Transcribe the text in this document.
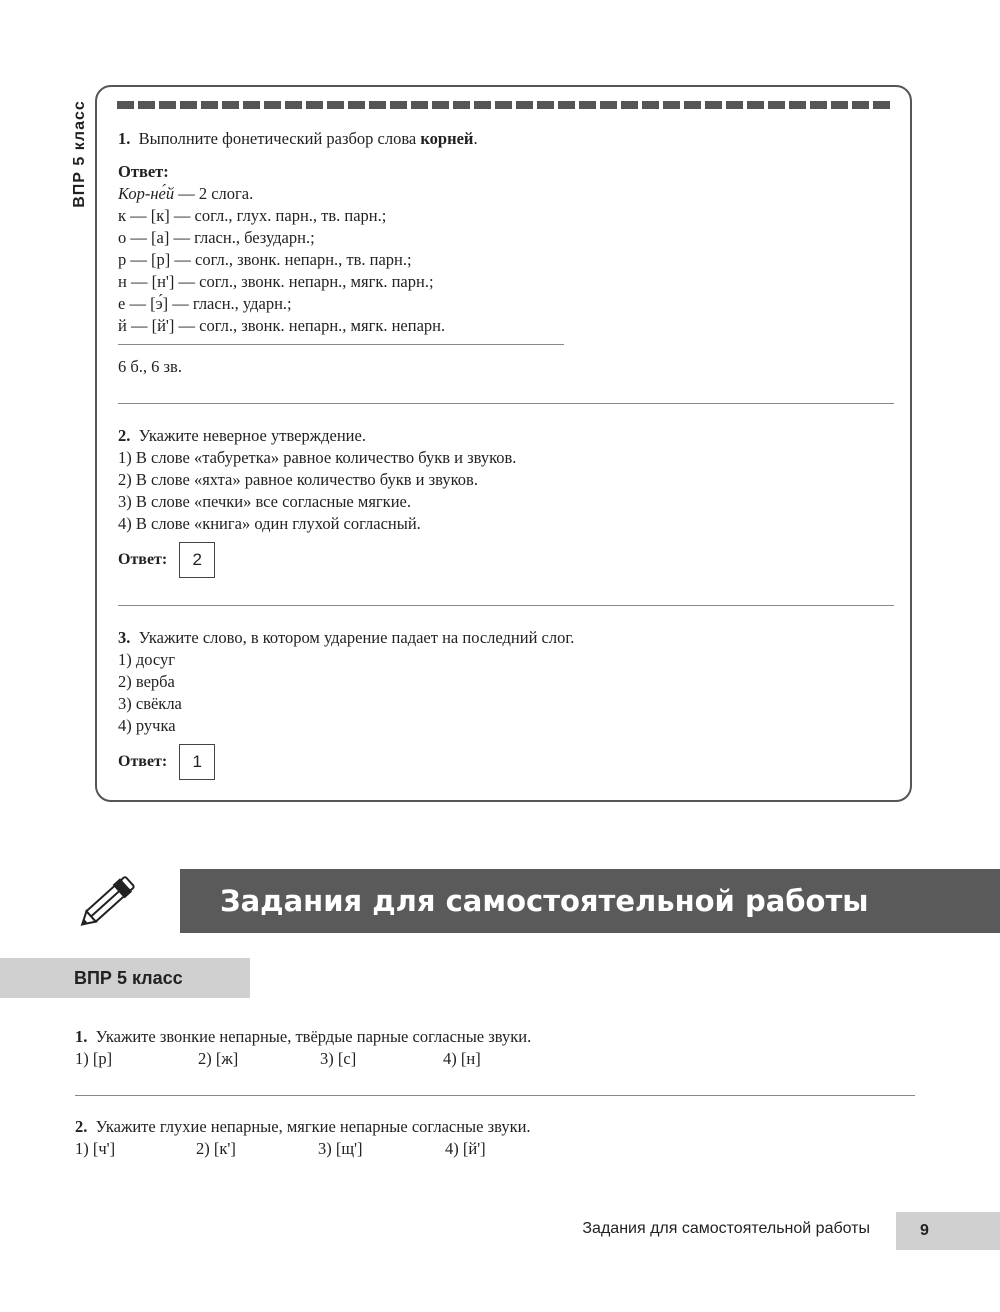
ВПР 5 класс 1. Выполните фонетический разбор слова корней.

Ответ:

Кор-не́й — 2 слога.

к — [к] — согл., глух. парн., тв. парн.;

о — [а] — гласн., безударн.;

р — [р] — согл., звонк. непарн., тв. парн.;

н — [н'] — согл., звонк. непарн., мягк. парн.;

е — [э́] — гласн., ударн.;

й — [й'] — согл., звонк. непарн., мягк. непарн.

6 б., 6 зв.

2. Укажите неверное утверждение.

1) В слове «табуретка» равное количество букв и звуков.

2) В слове «яхта» равное количество букв и звуков.

3) В слове «печки» все согласные мягкие.

4) В слове «книга» один глухой согласный.

Ответ:	2

3. Укажите слово, в котором ударение падает на последний слог.

1) досуг

2) верба

3) свёкла

4) ручка

Ответ:	1
Задания для самостоятельной работы
ВПР 5 класс

1. Укажите звонкие непарные, твёрдые парные согласные звуки.

1) [р]	2) [ж]	3) [с]	4) [н]

2. Укажите глухие непарные, мягкие непарные согласные звуки.

1) [ч']	2) [к']	3) [щ']	4) [й']

Задания для самостоятельной работы	9
